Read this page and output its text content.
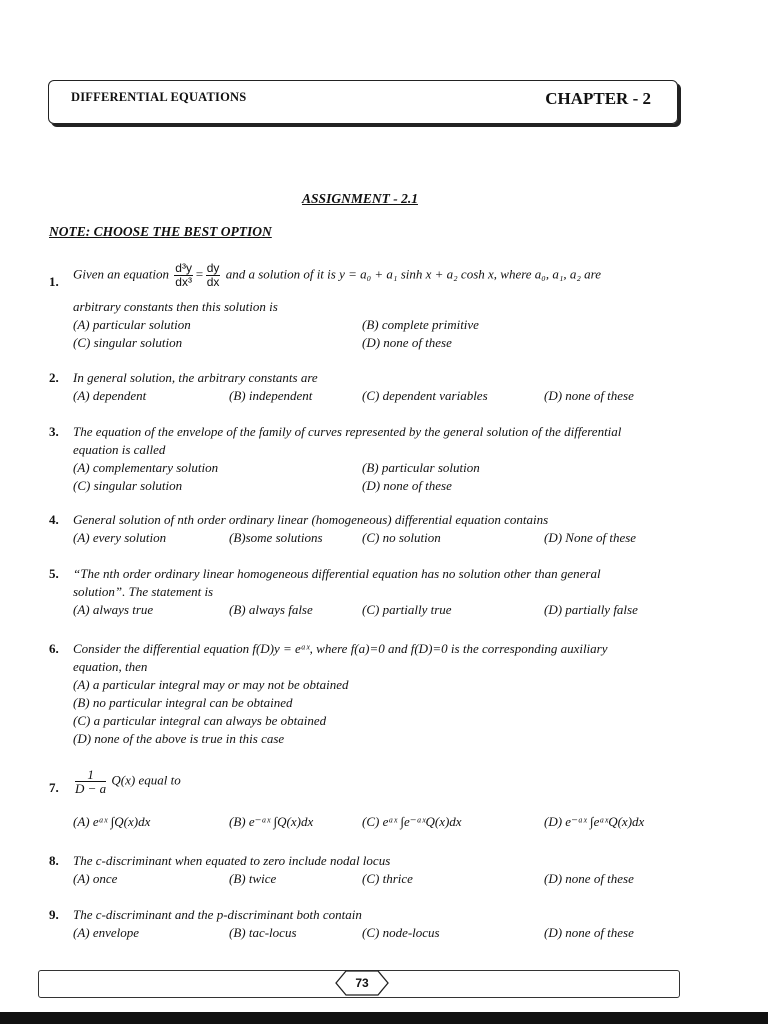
DIFFERENTIAL EQUATIONS	CHAPTER - 2
ASSIGNMENT - 2.1
NOTE: CHOOSE THE BEST OPTION
1.
Given an equation $\frac{\text{d³y}}{\text{dx³}} = \frac{dy}{dx}$ and a solution of it is y = a₀ + a₁ sinh x + a₂ cosh x, where a₀, a₁, a₂ are
arbitrary constants then this solution is
(A) particular solution	(B) complete primitive
(C) singular solution	(D) none of these
2. In general solution, the arbitrary constants are
(A) dependent	(B) independent	(C) dependent variables	(D) none of these
3. The equation of the envelope of the family of curves represented by the general solution of the differential
equation is called
(A) complementary solution	(B) particular solution
(C) singular solution	(D) none of these
4. General solution of nth order ordinary linear (homogeneous) differential equation contains
(A) every solution	(B)some solutions	(C) no solution	(D) None of these
5. “The nth order ordinary linear homogeneous differential equation has no solution other than general
solution”. The statement is
(A) always true	(B) always false	(C) partially true	(D) partially false
6. Consider the differential equation f(D)y = eᵃˣ, where f(a)=0 and f(D)=0 is the corresponding auxiliary
equation, then
(A) a particular integral may or may not be obtained
(B) no particular integral can be obtained
(C) a particular integral can always be obtained
(D) none of the above is true in this case
7. $\frac{1}{D - a} Q(x)$ equal to
(A) eᵃˣ ∫Q(x)dx	(B) e⁻ᵃˣ ∫Q(x)dx	(C) eᵃˣ ∫e⁻ᵃˣQ(x)dx	(D) e⁻ᵃˣ ∫eᵃˣQ(x)dx
8. The c-discriminant when equated to zero include nodal locus
(A) once	(B) twice	(C) thrice	(D) none of these
9. The c-discriminant and the p-discriminant both contain
(A) envelope	(B) tac-locus	(C) node-locus	(D) none of these
73
